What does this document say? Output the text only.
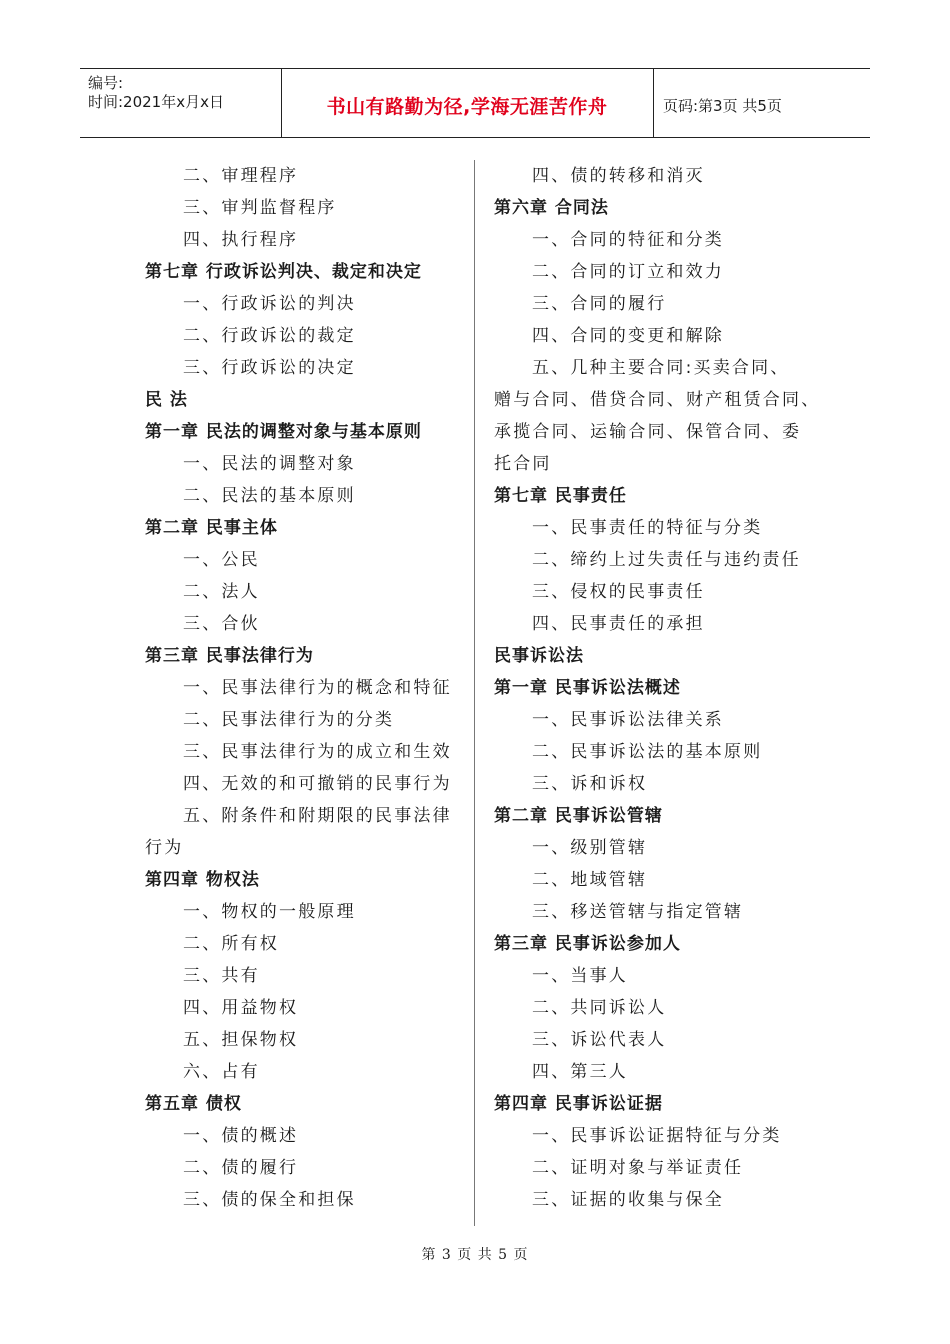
编号:
时间:2021年x月x日	书山有路勤为径,学海无涯苦作舟	页码:第3页 共5页
二、审理程序
三、审判监督程序
四、执行程序
第七章 行政诉讼判决、裁定和决定
一、行政诉讼的判决
二、行政诉讼的裁定
三、行政诉讼的决定
民 法
第一章 民法的调整对象与基本原则
一、民法的调整对象
二、民法的基本原则
第二章 民事主体
一、公民
二、法人
三、合伙
第三章 民事法律行为
一、民事法律行为的概念和特征
二、民事法律行为的分类
三、民事法律行为的成立和生效
四、无效的和可撤销的民事行为
五、附条件和附期限的民事法律
行为
第四章 物权法
一、物权的一般原理
二、所有权
三、共有
四、用益物权
五、担保物权
六、占有
第五章 债权
一、债的概述
二、债的履行
三、债的保全和担保
四、债的转移和消灭
第六章 合同法
一、合同的特征和分类
二、合同的订立和效力
三、合同的履行
四、合同的变更和解除
五、几种主要合同:买卖合同、
赠与合同、借贷合同、财产租赁合同、
承揽合同、运输合同、保管合同、委
托合同
第七章 民事责任
一、民事责任的特征与分类
二、缔约上过失责任与违约责任
三、侵权的民事责任
四、民事责任的承担
民事诉讼法
第一章 民事诉讼法概述
一、民事诉讼法律关系
二、民事诉讼法的基本原则
三、诉和诉权
第二章 民事诉讼管辖
一、级别管辖
二、地域管辖
三、移送管辖与指定管辖
第三章 民事诉讼参加人
一、当事人
二、共同诉讼人
三、诉讼代表人
四、第三人
第四章 民事诉讼证据
一、民事诉讼证据特征与分类
二、证明对象与举证责任
三、证据的收集与保全
第 3 页 共 5 页
